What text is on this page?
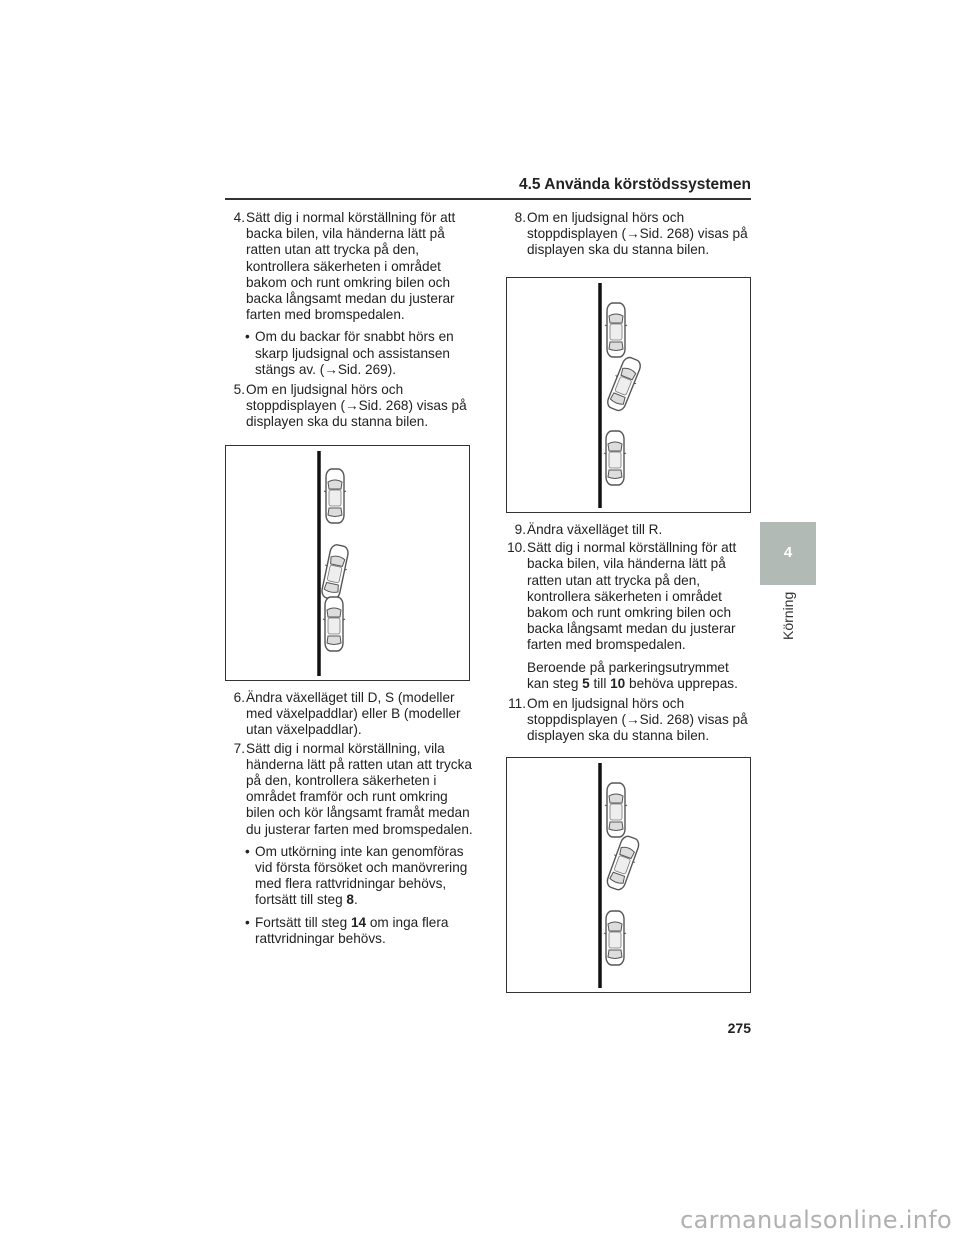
4.5 Använda körstödssystemen
4. Sätt dig i normal körställning för att backa bilen, vila händerna lätt på ratten utan att trycka på den, kontrollera säkerheten i området bakom och runt omkring bilen och backa långsamt medan du justerar farten med bromspedalen.
• Om du backar för snabbt hörs en skarp ljudsignal och assistansen stängs av. (→Sid. 269).
5. Om en ljudsignal hörs och stoppdisplayen (→Sid. 268) visas på displayen ska du stanna bilen.
6. Ändra växelläget till D, S (modeller med växelpaddlar) eller B (modeller utan växelpaddlar).
7. Sätt dig i normal körställning, vila händerna lätt på ratten utan att trycka på den, kontrollera säkerheten i området framför och runt omkring bilen och kör långsamt framåt medan du justerar farten med bromspedalen.
• Om utkörning inte kan genomföras vid första försöket och manövrering med flera rattvridningar behövs, fortsätt till steg 8.
• Fortsätt till steg 14 om inga flera rattvridningar behövs.
8. Om en ljudsignal hörs och stoppdisplayen (→Sid. 268) visas på displayen ska du stanna bilen.
9. Ändra växelläget till R.
10. Sätt dig i normal körställning för att backa bilen, vila händerna lätt på ratten utan att trycka på den, kontrollera säkerheten i området bakom och runt omkring bilen och backa långsamt medan du justerar farten med bromspedalen.
Beroende på parkeringsutrymmet kan steg 5 till 10 behöva upprepas.
11. Om en ljudsignal hörs och stoppdisplayen (→Sid. 268) visas på displayen ska du stanna bilen.
4
Körning
275
carmanualsonline.info
